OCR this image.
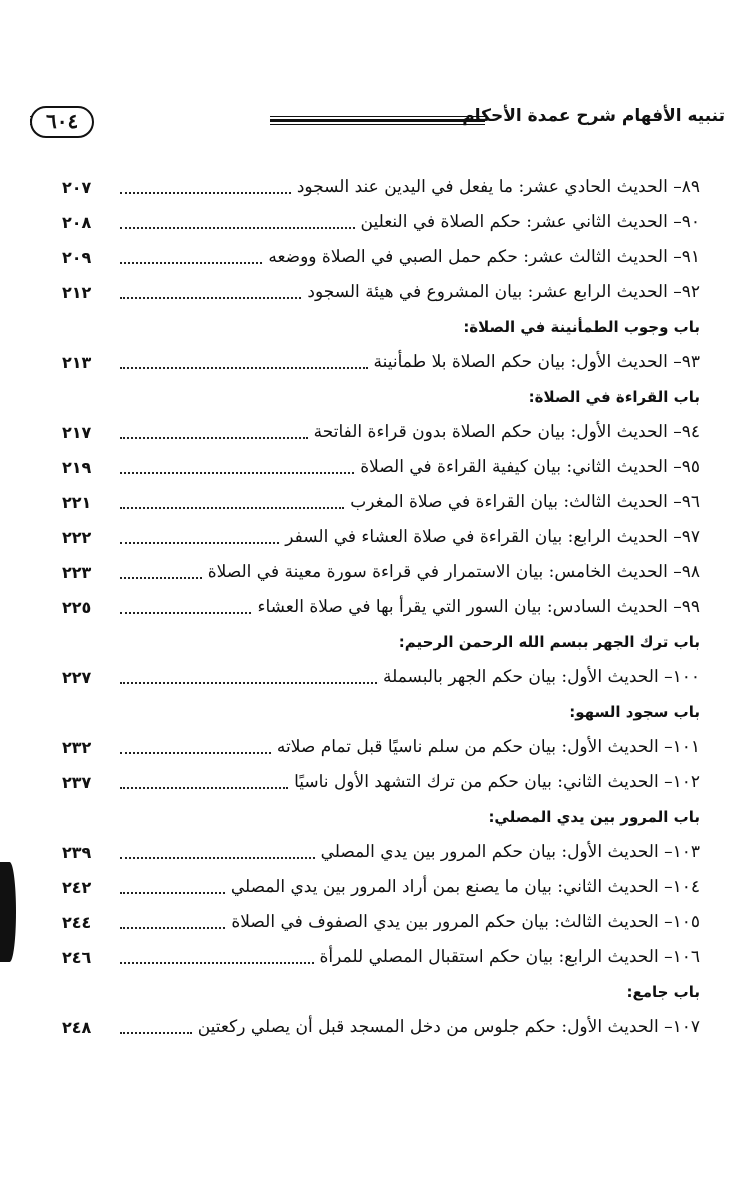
تنبيه الأفهام شرح عمدة الأحكام
٦٠٤
٨٩– الحديث الحادي عشر: ما يفعل في اليدين عند السجود
٢٠٧
٩٠– الحديث الثاني عشر: حكم الصلاة في النعلين
٢٠٨
٩١– الحديث الثالث عشر: حكم حمل الصبي في الصلاة ووضعه
٢٠٩
٩٢– الحديث الرابع عشر: بيان المشروع في هيئة السجود
٢١٢
باب وجوب الطمأنينة في الصلاة:
٩٣– الحديث الأول: بيان حكم الصلاة بلا طمأنينة
٢١٣
باب القراءة في الصلاة:
٩٤– الحديث الأول: بيان حكم الصلاة بدون قراءة الفاتحة
٢١٧
٩٥– الحديث الثاني: بيان كيفية القراءة في الصلاة
٢١٩
٩٦– الحديث الثالث: بيان القراءة في صلاة المغرب
٢٢١
٩٧– الحديث الرابع: بيان القراءة في صلاة العشاء في السفر
٢٢٢
٩٨– الحديث الخامس: بيان الاستمرار في قراءة سورة معينة في الصلاة
٢٢٣
٩٩– الحديث السادس: بيان السور التي يقرأ بها في صلاة العشاء
٢٢٥
باب ترك الجهر ببسم الله الرحمن الرحيم:
١٠٠– الحديث الأول: بيان حكم الجهر بالبسملة
٢٢٧
باب سجود السهو:
١٠١– الحديث الأول: بيان حكم من سلم ناسيًا قبل تمام صلاته
٢٣٢
١٠٢– الحديث الثاني: بيان حكم من ترك التشهد الأول ناسيًا
٢٣٧
باب المرور بين يدي المصلي:
١٠٣– الحديث الأول: بيان حكم المرور بين يدي المصلي
٢٣٩
١٠٤– الحديث الثاني: بيان ما يصنع بمن أراد المرور بين يدي المصلي
٢٤٢
١٠٥– الحديث الثالث: بيان حكم المرور بين يدي الصفوف في الصلاة
٢٤٤
١٠٦– الحديث الرابع: بيان حكم استقبال المصلي للمرأة
٢٤٦
باب جامع:
١٠٧– الحديث الأول: حكم جلوس من دخل المسجد قبل أن يصلي ركعتين
٢٤٨
